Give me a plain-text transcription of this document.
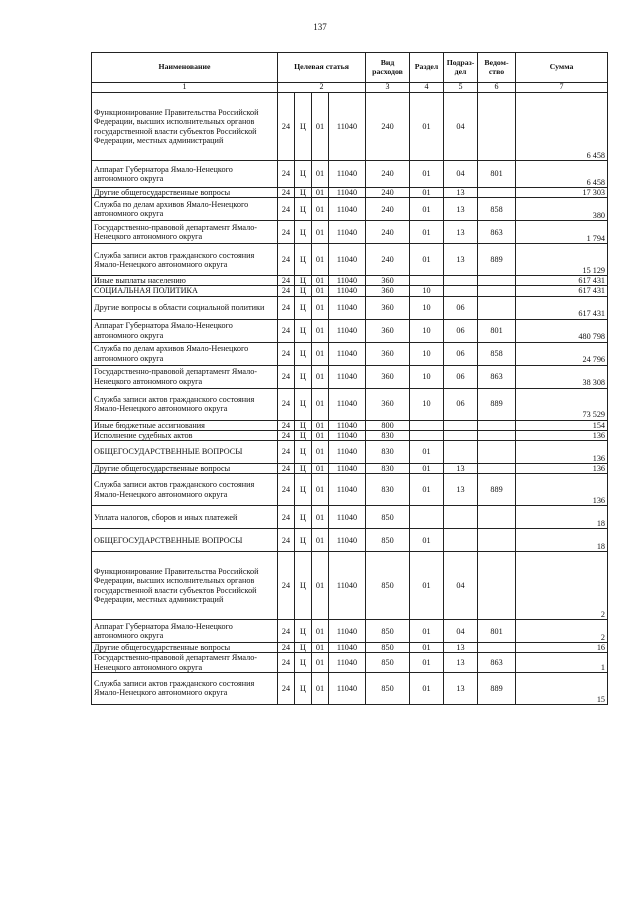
137
Наименование	Целевая статья				Вид расходов	Раздел	Подраз-дел	Ведом-ство	Сумма
1	2				3	4	5	6	7
Функционирование Правительства Российской Федерации, высших исполнительных органов государственной власти субъектов Российской Федерации, местных администраций	24	Ц	01	11040	240	01	04		6 458
Аппарат Губернатора Ямало-Ненецкого автономного округа	24	Ц	01	11040	240	01	04	801	6 458
Другие общегосударственные вопросы	24	Ц	01	11040	240	01	13		17 303
Служба по делам архивов Ямало-Ненецкого автономного округа	24	Ц	01	11040	240	01	13	858	380
Государственно-правовой департамент Ямало-Ненецкого автономного округа	24	Ц	01	11040	240	01	13	863	1 794
Служба записи актов гражданского состояния Ямало-Ненецкого автономного округа	24	Ц	01	11040	240	01	13	889	15 129
Иные выплаты населению	24	Ц	01	11040	360				617 431
СОЦИАЛЬНАЯ ПОЛИТИКА	24	Ц	01	11040	360	10			617 431
Другие вопросы в области социальной политики	24	Ц	01	11040	360	10	06		617 431
Аппарат Губернатора Ямало-Ненецкого автономного округа	24	Ц	01	11040	360	10	06	801	480 798
Служба по делам архивов Ямало-Ненецкого автономного округа	24	Ц	01	11040	360	10	06	858	24 796
Государственно-правовой департамент Ямало-Ненецкого автономного округа	24	Ц	01	11040	360	10	06	863	38 308
Служба записи актов гражданского состояния Ямало-Ненецкого автономного округа	24	Ц	01	11040	360	10	06	889	73 529
Иные бюджетные ассигнования	24	Ц	01	11040	800				154
Исполнение судебных актов	24	Ц	01	11040	830				136
ОБЩЕГОСУДАРСТВЕННЫЕ ВОПРОСЫ	24	Ц	01	11040	830	01			136
Другие общегосударственные вопросы	24	Ц	01	11040	830	01	13		136
Служба записи актов гражданского состояния Ямало-Ненецкого автономного округа	24	Ц	01	11040	830	01	13	889	136
Уплата налогов, сборов и иных платежей	24	Ц	01	11040	850				18
ОБЩЕГОСУДАРСТВЕННЫЕ ВОПРОСЫ	24	Ц	01	11040	850	01			18
Функционирование Правительства Российской Федерации, высших исполнительных органов государственной власти субъектов Российской Федерации, местных администраций	24	Ц	01	11040	850	01	04		2
Аппарат Губернатора Ямало-Ненецкого автономного округа	24	Ц	01	11040	850	01	04	801	2
Другие общегосударственные вопросы	24	Ц	01	11040	850	01	13		16
Государственно-правовой департамент Ямало-Ненецкого автономного округа	24	Ц	01	11040	850	01	13	863	1
Служба записи актов гражданского состояния Ямало-Ненецкого автономного округа	24	Ц	01	11040	850	01	13	889	15
